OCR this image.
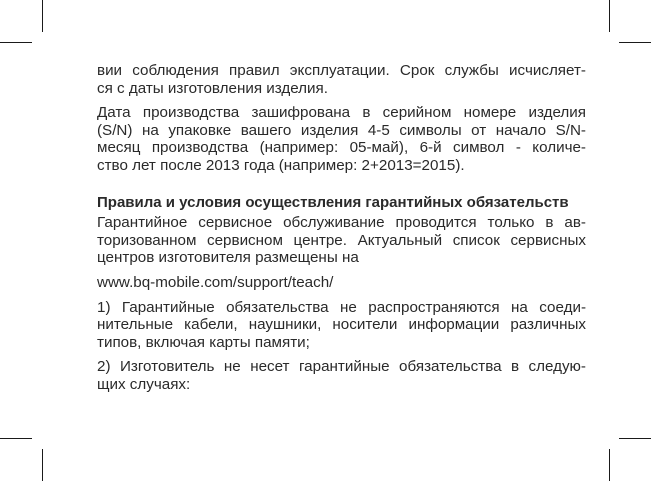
вии соблюдения правил эксплуатации. Срок службы исчисляет-
ся с даты изготовления изделия.
Дата производства зашифрована в серийном номере изделия
(S/N) на упаковке вашего изделия 4-5 символы от начало S/N-
месяц производства (например: 05-май), 6-й символ - количе-
ство лет после 2013 года (например: 2+2013=2015).
Правила и условия осуществления гарантийных обязательств
Гарантийное сервисное обслуживание проводится только в ав-
торизованном сервисном центре. Актуальный список сервисных
центров изготовителя размещены на
www.bq-mobile.com/support/teach/
1) Гарантийные обязательства не распространяются на соеди-
нительные кабели, наушники, носители информации различных
типов, включая карты памяти;
2) Изготовитель не несет гарантийные обязательства в следую-
щих случаях:
